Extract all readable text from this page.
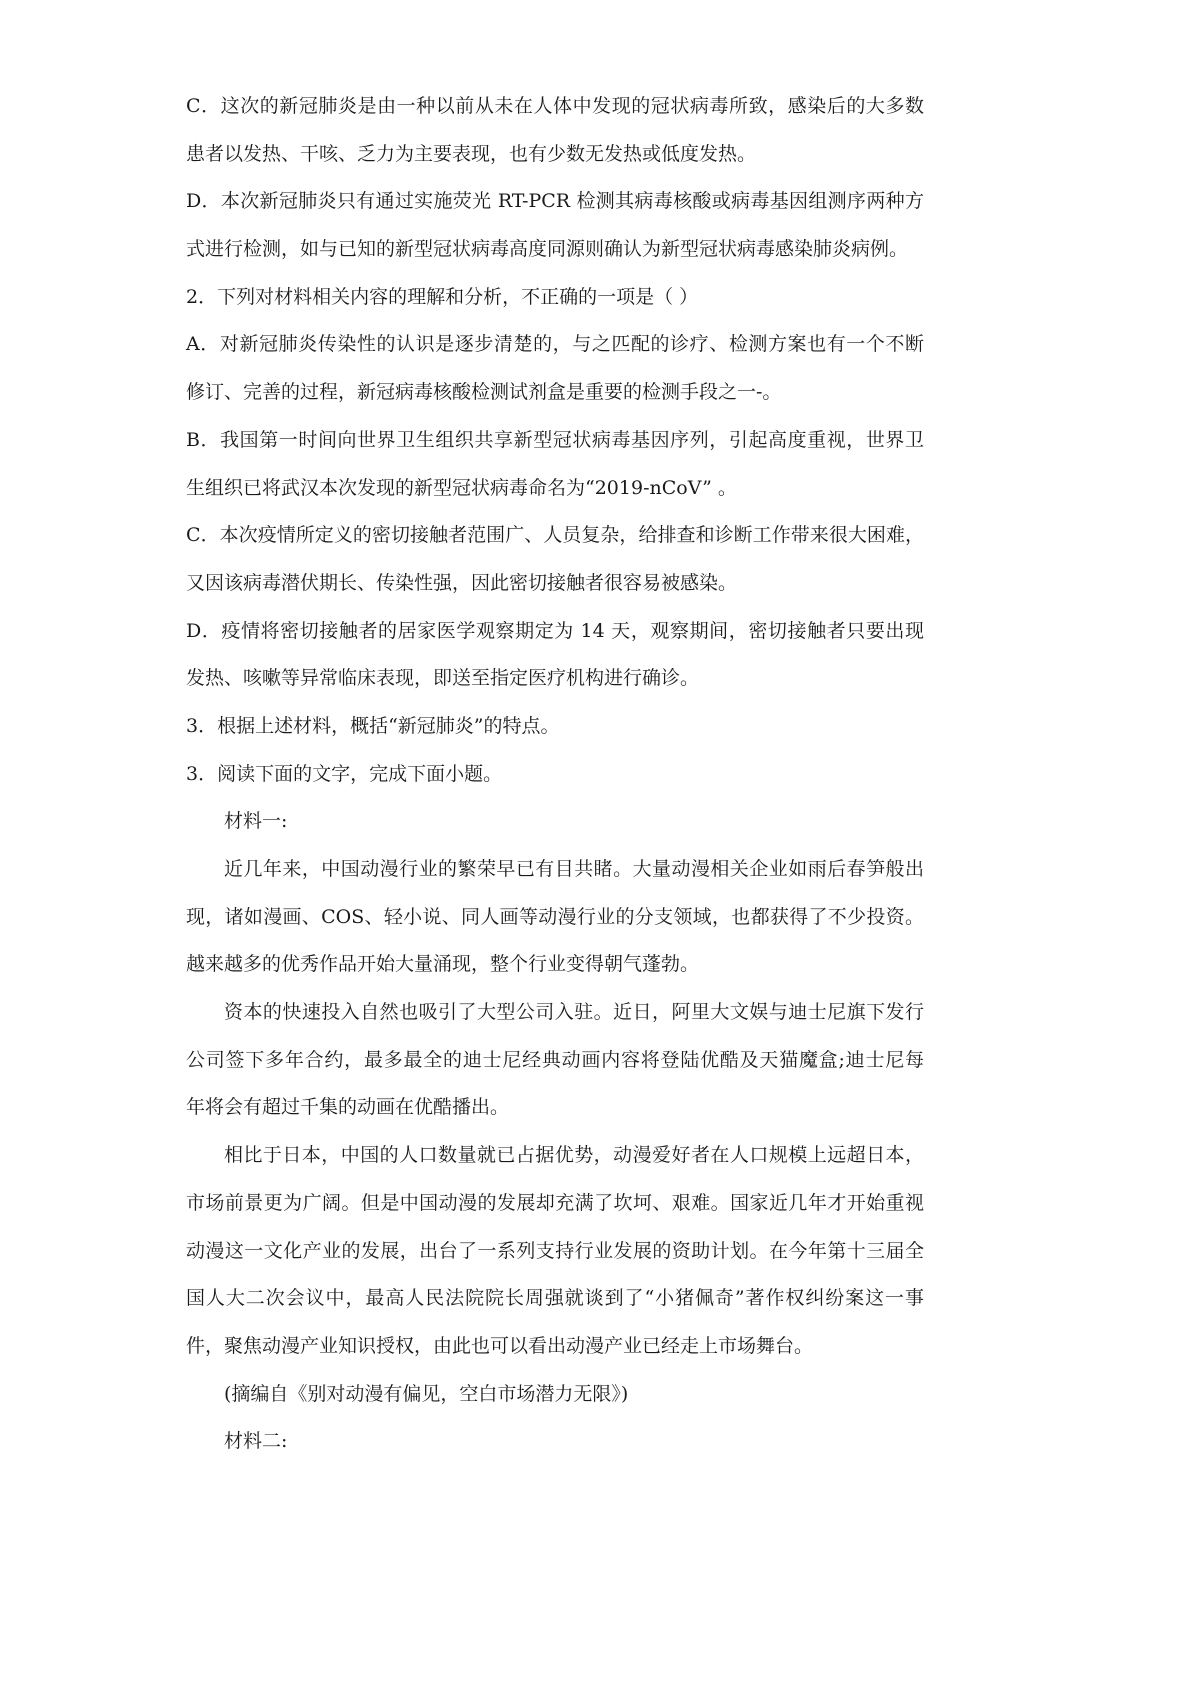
C．这次的新冠肺炎是由一种以前从未在人体中发现的冠状病毒所致，感染后的大多数
患者以发热、干咳、乏力为主要表现，也有少数无发热或低度发热。
D．本次新冠肺炎只有通过实施荧光 RT-PCR 检测其病毒核酸或病毒基因组测序两种方
式进行检测，如与已知的新型冠状病毒高度同源则确认为新型冠状病毒感染肺炎病例。
2．下列对材料相关内容的理解和分析，不正确的一项是（ ）
A．对新冠肺炎传染性的认识是逐步清楚的，与之匹配的诊疗、检测方案也有一个不断
修订、完善的过程，新冠病毒核酸检测试剂盒是重要的检测手段之一-。
B．我国第一时间向世界卫生组织共享新型冠状病毒基因序列，引起高度重视，世界卫
生组织已将武汉本次发现的新型冠状病毒命名为“2019-nCoV” 。
C．本次疫情所定义的密切接触者范围广、人员复杂，给排查和诊断工作带来很大困难，
又因该病毒潜伏期长、传染性强，因此密切接触者很容易被感染。
D．疫情将密切接触者的居家医学观察期定为 14 天，观察期间，密切接触者只要出现
发热、咳嗽等异常临床表现，即送至指定医疗机构进行确诊。
3．根据上述材料，概括“新冠肺炎”的特点。
3．阅读下面的文字，完成下面小题。
材料一:
近几年来，中国动漫行业的繁荣早已有目共睹。大量动漫相关企业如雨后春笋般出
现，诸如漫画、COS、轻小说、同人画等动漫行业的分支领域，也都获得了不少投资。
越来越多的优秀作品开始大量涌现，整个行业变得朝气蓬勃。
资本的快速投入自然也吸引了大型公司入驻。近日，阿里大文娱与迪士尼旗下发行
公司签下多年合约，最多最全的迪士尼经典动画内容将登陆优酷及天猫魔盒;迪士尼每
年将会有超过千集的动画在优酷播出。
相比于日本，中国的人口数量就已占据优势，动漫爱好者在人口规模上远超日本，
市场前景更为广阔。但是中国动漫的发展却充满了坎坷、艰难。国家近几年才开始重视
动漫这一文化产业的发展，出台了一系列支持行业发展的资助计划。在今年第十三届全
国人大二次会议中，最高人民法院院长周强就谈到了“小猪佩奇”著作权纠纷案这一事
件，聚焦动漫产业知识授权，由此也可以看出动漫产业已经走上市场舞台。
(摘编自《别对动漫有偏见，空白市场潜力无限》)
材料二:
